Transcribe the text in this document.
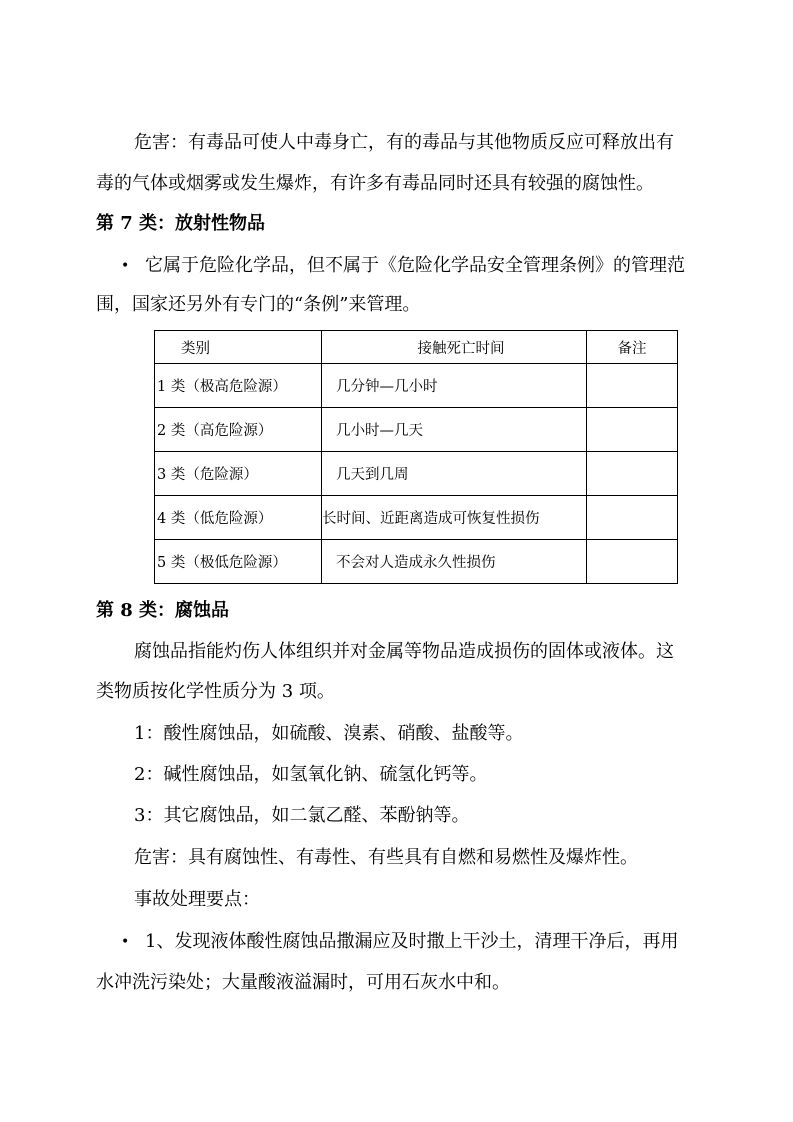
危害：有毒品可使人中毒身亡，有的毒品与其他物质反应可释放出有
毒的气体或烟雾或发生爆炸，有许多有毒品同时还具有较强的腐蚀性。
第 7 类：放射性物品
• 它属于危险化学品，但不属于《危险化学品安全管理条例》的管理范
围，国家还另外有专门的“条例”来管理。
类别	接触死亡时间	备注
1 类（极高危险源）	几分钟—几小时	
2 类（高危险源）	几小时—几天	
3 类（危险源）	几天到几周	
4 类（低危险源）	长时间、近距离造成可恢复性损伤	
5 类（极低危险源）	不会对人造成永久性损伤	
第 8 类：腐蚀品
腐蚀品指能灼伤人体组织并对金属等物品造成损伤的固体或液体。这
类物质按化学性质分为 3 项。
1：酸性腐蚀品，如硫酸、溴素、硝酸、盐酸等。
2：碱性腐蚀品，如氢氧化钠、硫氢化钙等。
3：其它腐蚀品，如二氯乙醛、苯酚钠等。
危害：具有腐蚀性、有毒性、有些具有自燃和易燃性及爆炸性。
事故处理要点：
• 1、发现液体酸性腐蚀品撒漏应及时撒上干沙土，清理干净后，再用
水冲洗污染处；大量酸液溢漏时，可用石灰水中和。
